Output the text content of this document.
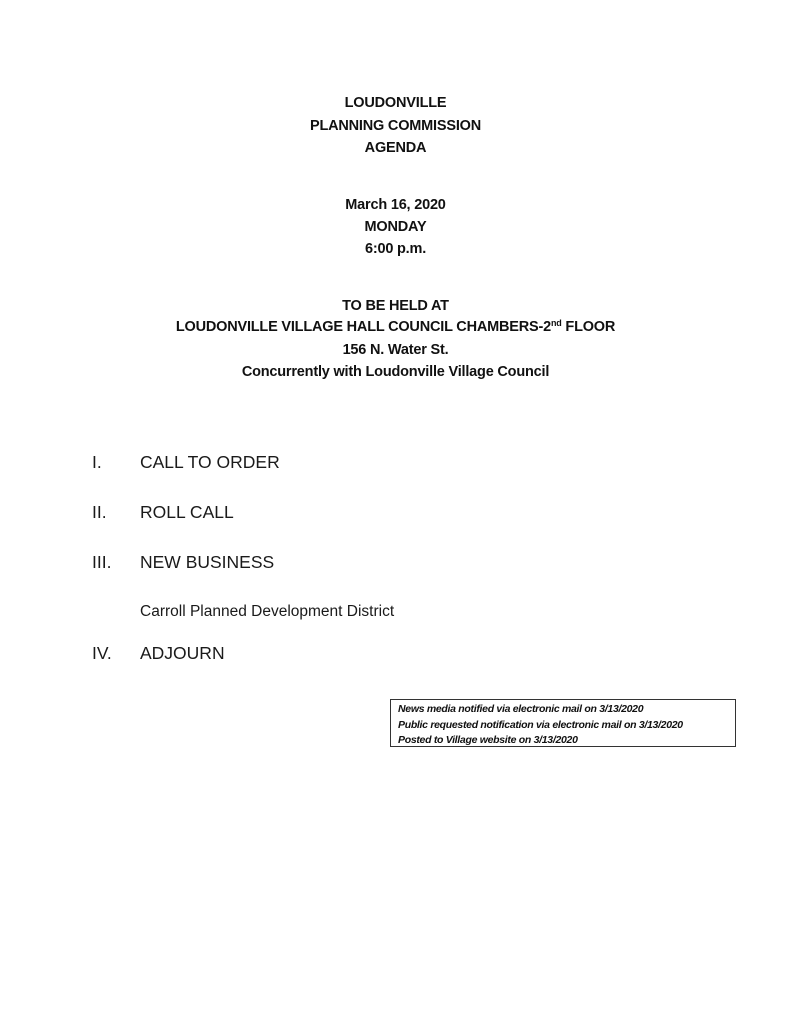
LOUDONVILLE
PLANNING COMMISSION
AGENDA
March 16, 2020
MONDAY
6:00 p.m.
TO BE HELD AT
LOUDONVILLE VILLAGE HALL COUNCIL CHAMBERS-2nd FLOOR
156 N. Water St.
Concurrently with Loudonville Village Council
I. CALL TO ORDER
II. ROLL CALL
III. NEW BUSINESS
Carroll Planned Development District
IV. ADJOURN
News media notified via electronic mail on 3/13/2020
Public requested notification via electronic mail on 3/13/2020
Posted to Village website on 3/13/2020
